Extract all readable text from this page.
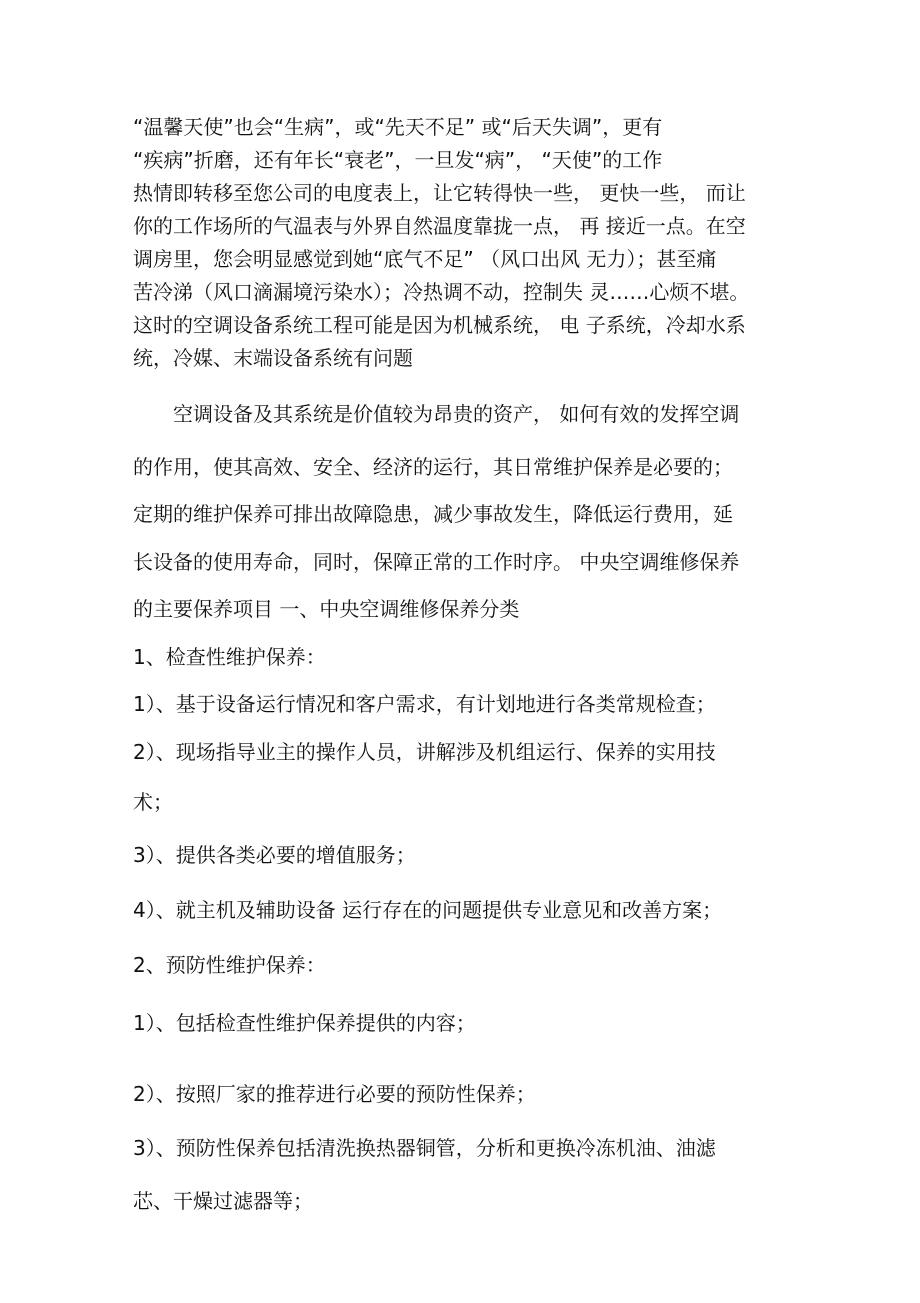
“温馨天使”也会“生病”，或“先天不足” 或“后天失调”，更有
“疾病”折磨，还有年长“衰老”，一旦发“病”， “天使”的工作
热情即转移至您公司的电度表上，让它转得快一些， 更快一些， 而让
你的工作场所的气温表与外界自然温度靠拢一点， 再 接近一点。在空
调房里，您会明显感觉到她“底气不足” （风口出风 无力）；甚至痛
苦冷涕（风口滴漏境污染水）；冷热调不动，控制失 灵……心烦不堪。
这时的空调设备系统工程可能是因为机械系统， 电 子系统，冷却水系
统，冷媒、末端设备系统有问题
空调设备及其系统是价值较为昂贵的资产， 如何有效的发挥空调
的作用，使其高效、安全、经济的运行，其日常维护保养是必要的；
定期的维护保养可排出故障隐患，减少事故发生，降低运行费用，延
长设备的使用寿命，同时，保障正常的工作时序。 中央空调维修保养
的主要保养项目 一、中央空调维修保养分类
1、检查性维护保养：
1）、基于设备运行情况和客户需求，有计划地进行各类常规检查；
2）、现场指导业主的操作人员，讲解涉及机组运行、保养的实用技
术；
3）、提供各类必要的增值服务；
4）、就主机及辅助设备 运行存在的问题提供专业意见和改善方案；
2、预防性维护保养：
1）、包括检查性维护保养提供的内容；
2）、按照厂家的推荐进行必要的预防性保养；
3）、预防性保养包括清洗换热器铜管，分析和更换冷冻机油、油滤
芯、干燥过滤器等；
